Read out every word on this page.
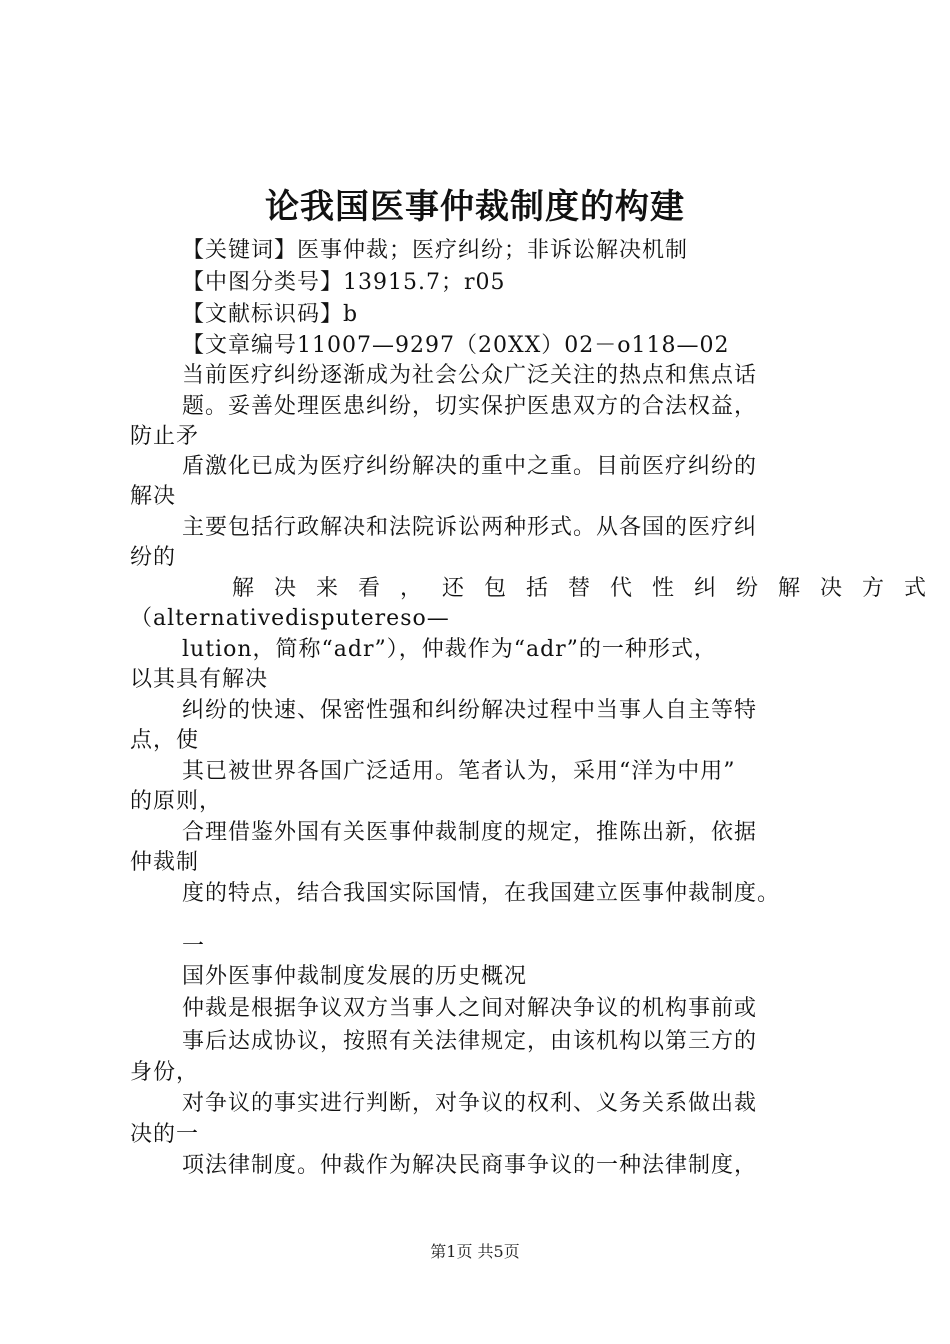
论我国医事仲裁制度的构建
【关键词】医事仲裁；医疗纠纷；非诉讼解决机制
【中图分类号】13915.7；r05
【文献标识码】b
【文章编号11007—9297（20XX）02－o118—02
当前医疗纠纷逐渐成为社会公众广泛关注的热点和焦点话
题。妥善处理医患纠纷，切实保护医患双方的合法权益，
防止矛
盾激化已成为医疗纠纷解决的重中之重。目前医疗纠纷的
解决
主要包括行政解决和法院诉讼两种形式。从各国的医疗纠
纷的
解决来看，还包括替代性纠纷解决方式
（alternativedisputereso—
lution，简称“adr”），仲裁作为“adr”的一种形式，
以其具有解决
纠纷的快速、保密性强和纠纷解决过程中当事人自主等特
点，使
其已被世界各国广泛适用。笔者认为，采用“洋为中用”
的原则，
合理借鉴外国有关医事仲裁制度的规定，推陈出新，依据
仲裁制
度的特点，结合我国实际国情，在我国建立医事仲裁制度。
一
国外医事仲裁制度发展的历史概况
仲裁是根据争议双方当事人之间对解决争议的机构事前或
事后达成协议，按照有关法律规定，由该机构以第三方的
身份，
对争议的事实进行判断，对争议的权利、义务关系做出裁
决的一
项法律制度。仲裁作为解决民商事争议的一种法律制度，
第1页 共5页
